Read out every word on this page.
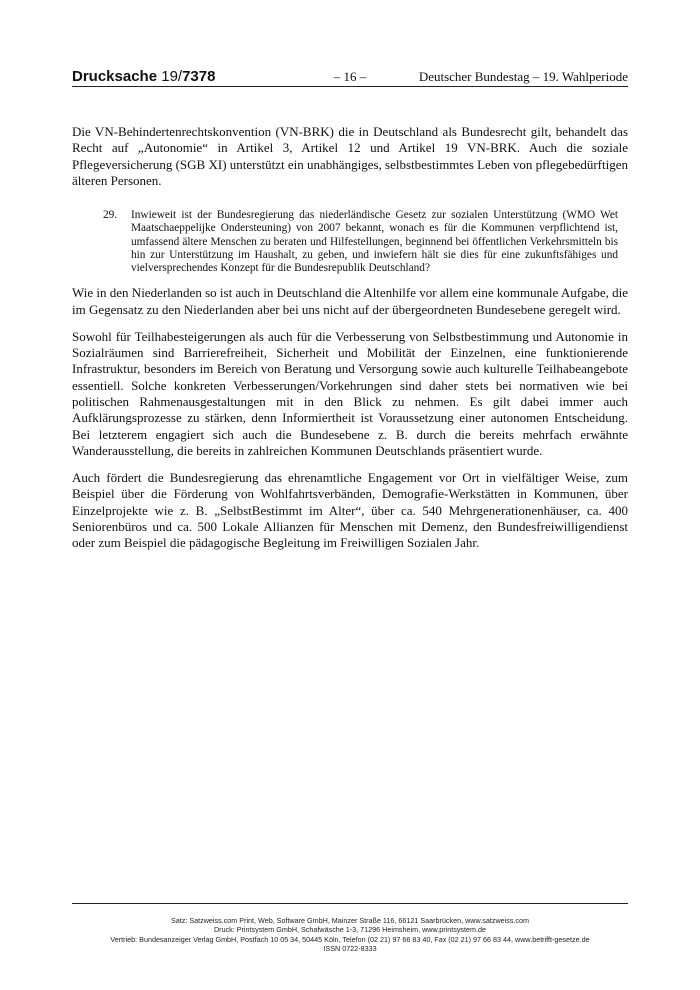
Drucksache 19/7378	– 16 –	Deutscher Bundestag – 19. Wahlperiode

Die VN-Behindertenrechtskonvention (VN-BRK) die in Deutschland als Bundesrecht gilt, behandelt das Recht auf „Autonomie“ in Artikel 3, Artikel 12 und Artikel 19 VN-BRK. Auch die soziale Pflegeversicherung (SGB XI) unterstützt ein unabhängiges, selbstbestimmtes Leben von pflegebedürftigen älteren Personen.

29.	Inwieweit ist der Bundesregierung das niederländische Gesetz zur sozialen Unterstützung (WMO Wet Maatschaeppelijke Ondersteuning) von 2007 bekannt, wonach es für die Kommunen verpflichtend ist, umfassend ältere Menschen zu beraten und Hilfestellungen, beginnend bei öffentlichen Verkehrsmitteln bis hin zur Unterstützung im Haushalt, zu geben, und inwiefern hält sie dies für eine zukunftsfähiges und vielversprechendes Konzept für die Bundesrepublik Deutschland?

Wie in den Niederlanden so ist auch in Deutschland die Altenhilfe vor allem eine kommunale Aufgabe, die im Gegensatz zu den Niederlanden aber bei uns nicht auf der übergeordneten Bundesebene geregelt wird.

Sowohl für Teilhabesteigerungen als auch für die Verbesserung von Selbstbestimmung und Autonomie in Sozialräumen sind Barrierefreiheit, Sicherheit und Mobilität der Einzelnen, eine funktionierende Infrastruktur, besonders im Bereich von Beratung und Versorgung sowie auch kulturelle Teilhabeangebote essentiell. Solche konkreten Verbesserungen/Vorkehrungen sind daher stets bei normativen wie bei politischen Rahmenausgestaltungen mit in den Blick zu nehmen. Es gilt dabei immer auch Aufklärungsprozesse zu stärken, denn Informiertheit ist Voraussetzung einer autonomen Entscheidung. Bei letzterem engagiert sich auch die Bundesebene z. B. durch die bereits mehrfach erwähnte Wanderausstellung, die bereits in zahlreichen Kommunen Deutschlands präsentiert wurde.

Auch fördert die Bundesregierung das ehrenamtliche Engagement vor Ort in vielfältiger Weise, zum Beispiel über die Förderung von Wohlfahrtsverbänden, Demografie-Werkstätten in Kommunen, über Einzelprojekte wie z. B. „SelbstBestimmt im Alter“, über ca. 540 Mehrgenerationenhäuser, ca. 400 Seniorenbüros und ca. 500 Lokale Allianzen für Menschen mit Demenz, den Bundesfreiwilligendienst oder zum Beispiel die pädagogische Begleitung im Freiwilligen Sozialen Jahr.

Satz: Satzweiss.com Print, Web, Software GmbH, Mainzer Straße 116, 66121 Saarbrücken, www.satzweiss.com
Druck: Printsystem GmbH, Schafwäsche 1-3, 71296 Heimsheim, www.printsystem.de
Vertrieb: Bundesanzeiger Verlag GmbH, Postfach 10 05 34, 50445 Köln, Telefon (02 21) 97 66 83 40, Fax (02 21) 97 66 83 44, www.betrifft-gesetze.de
ISSN 0722-8333
